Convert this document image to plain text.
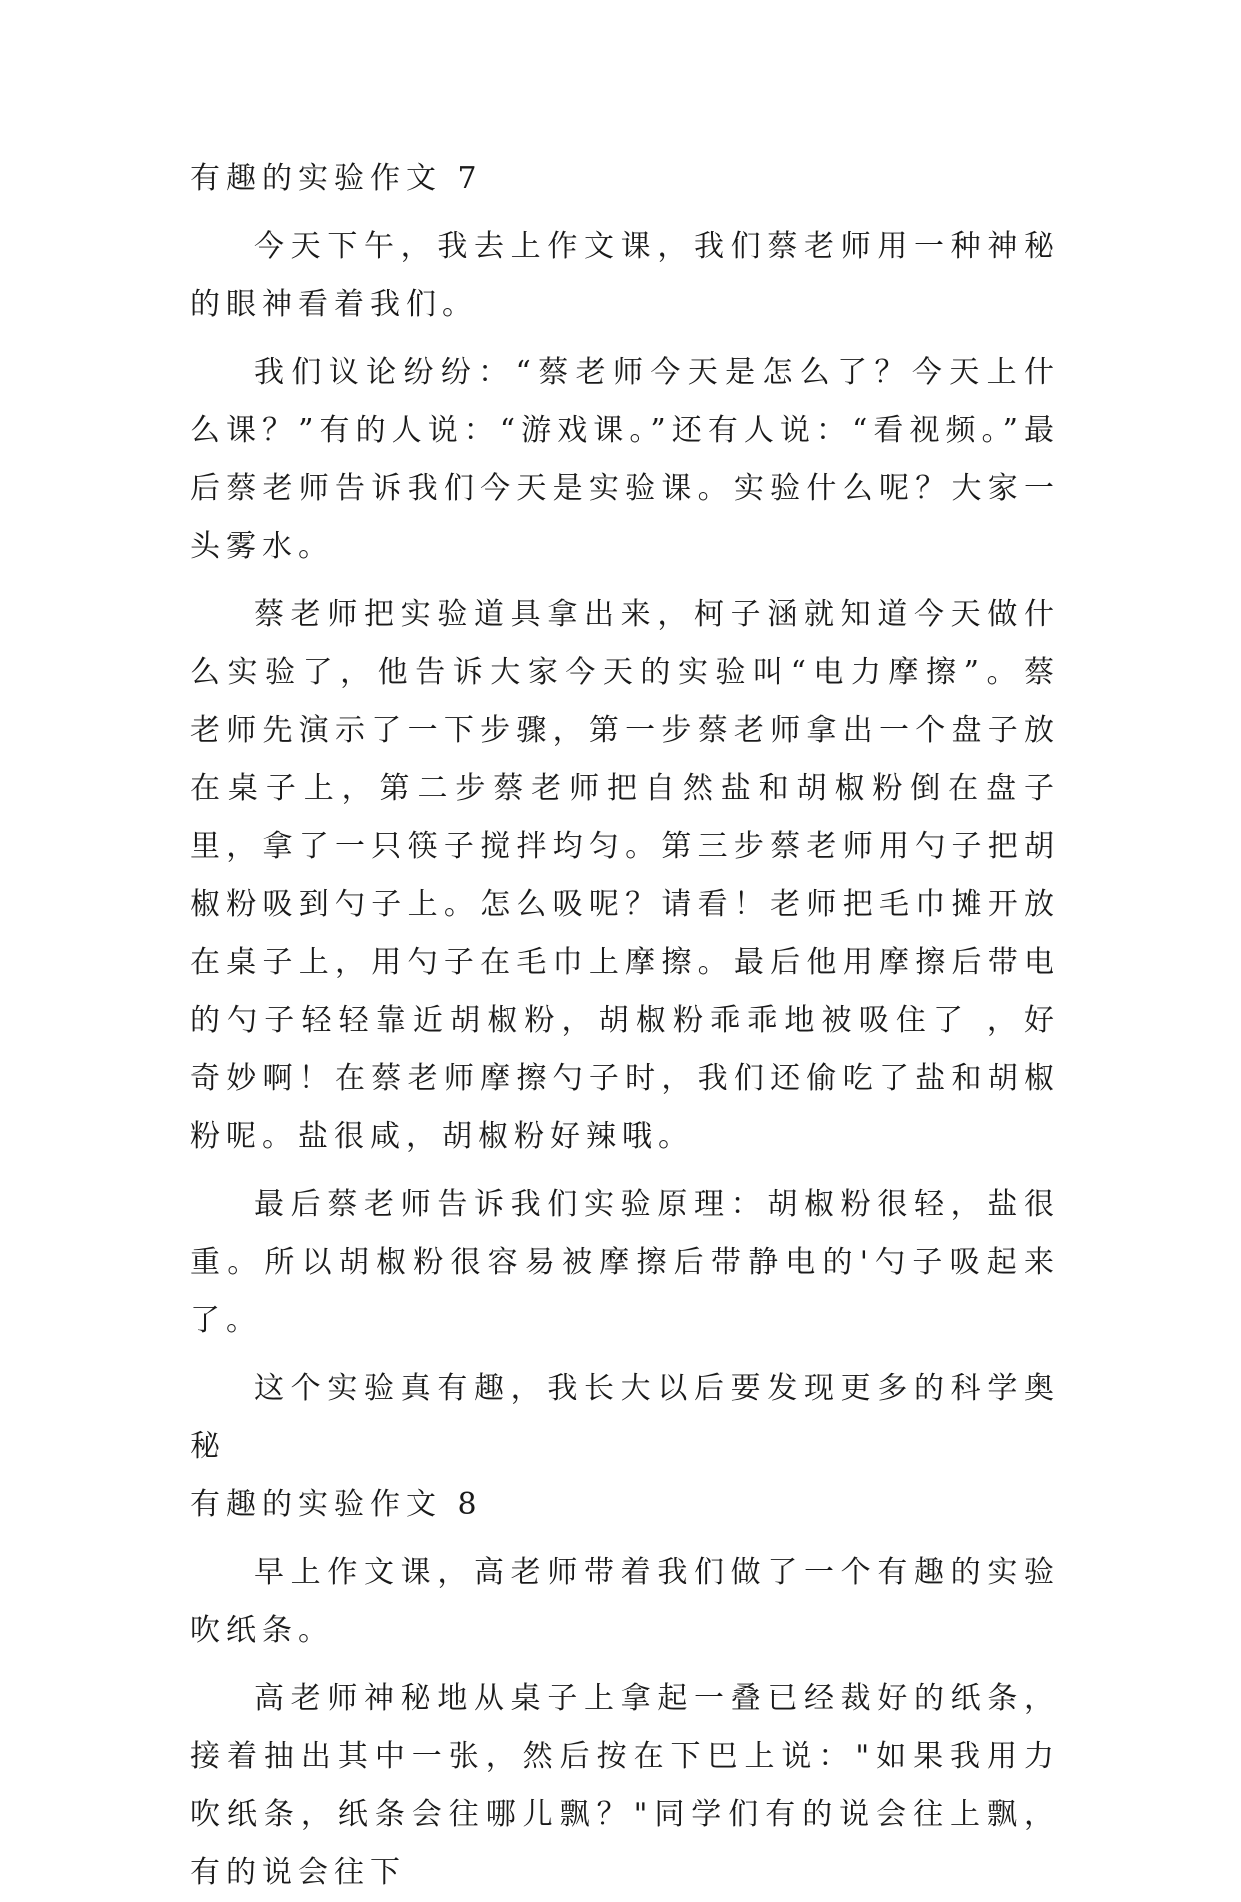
有趣的实验作文 7

今天下午，我去上作文课，我们蔡老师用一种神秘的眼神看着我们。

我们议论纷纷：“蔡老师今天是怎么了？今天上什么课？”有的人说：“游戏课。”还有人说：“看视频。”最后蔡老师告诉我们今天是实验课。实验什么呢？大家一头雾水。

蔡老师把实验道具拿出来，柯子涵就知道今天做什么实验了，他告诉大家今天的实验叫“电力摩擦”。蔡老师先演示了一下步骤，第一步蔡老师拿出一个盘子放在桌子上，第二步蔡老师把自然盐和胡椒粉倒在盘子里，拿了一只筷子搅拌均匀。第三步蔡老师用勺子把胡椒粉吸到勺子上。怎么吸呢？请看！老师把毛巾摊开放在桌子上，用勺子在毛巾上摩擦。最后他用摩擦后带电的勺子轻轻靠近胡椒粉，胡椒粉乖乖地被吸住了 ，好奇妙啊！在蔡老师摩擦勺子时，我们还偷吃了盐和胡椒粉呢。盐很咸，胡椒粉好辣哦。

最后蔡老师告诉我们实验原理：胡椒粉很轻，盐很重。所以胡椒粉很容易被摩擦后带静电的'勺子吸起来了。

这个实验真有趣，我长大以后要发现更多的科学奥秘

有趣的实验作文 8

早上作文课，高老师带着我们做了一个有趣的实验吹纸条。

高老师神秘地从桌子上拿起一叠已经裁好的纸条，接着抽出其中一张，然后按在下巴上说："如果我用力吹纸条，纸条会往哪儿飘？"同学们有的说会往上飘，有的说会往下
